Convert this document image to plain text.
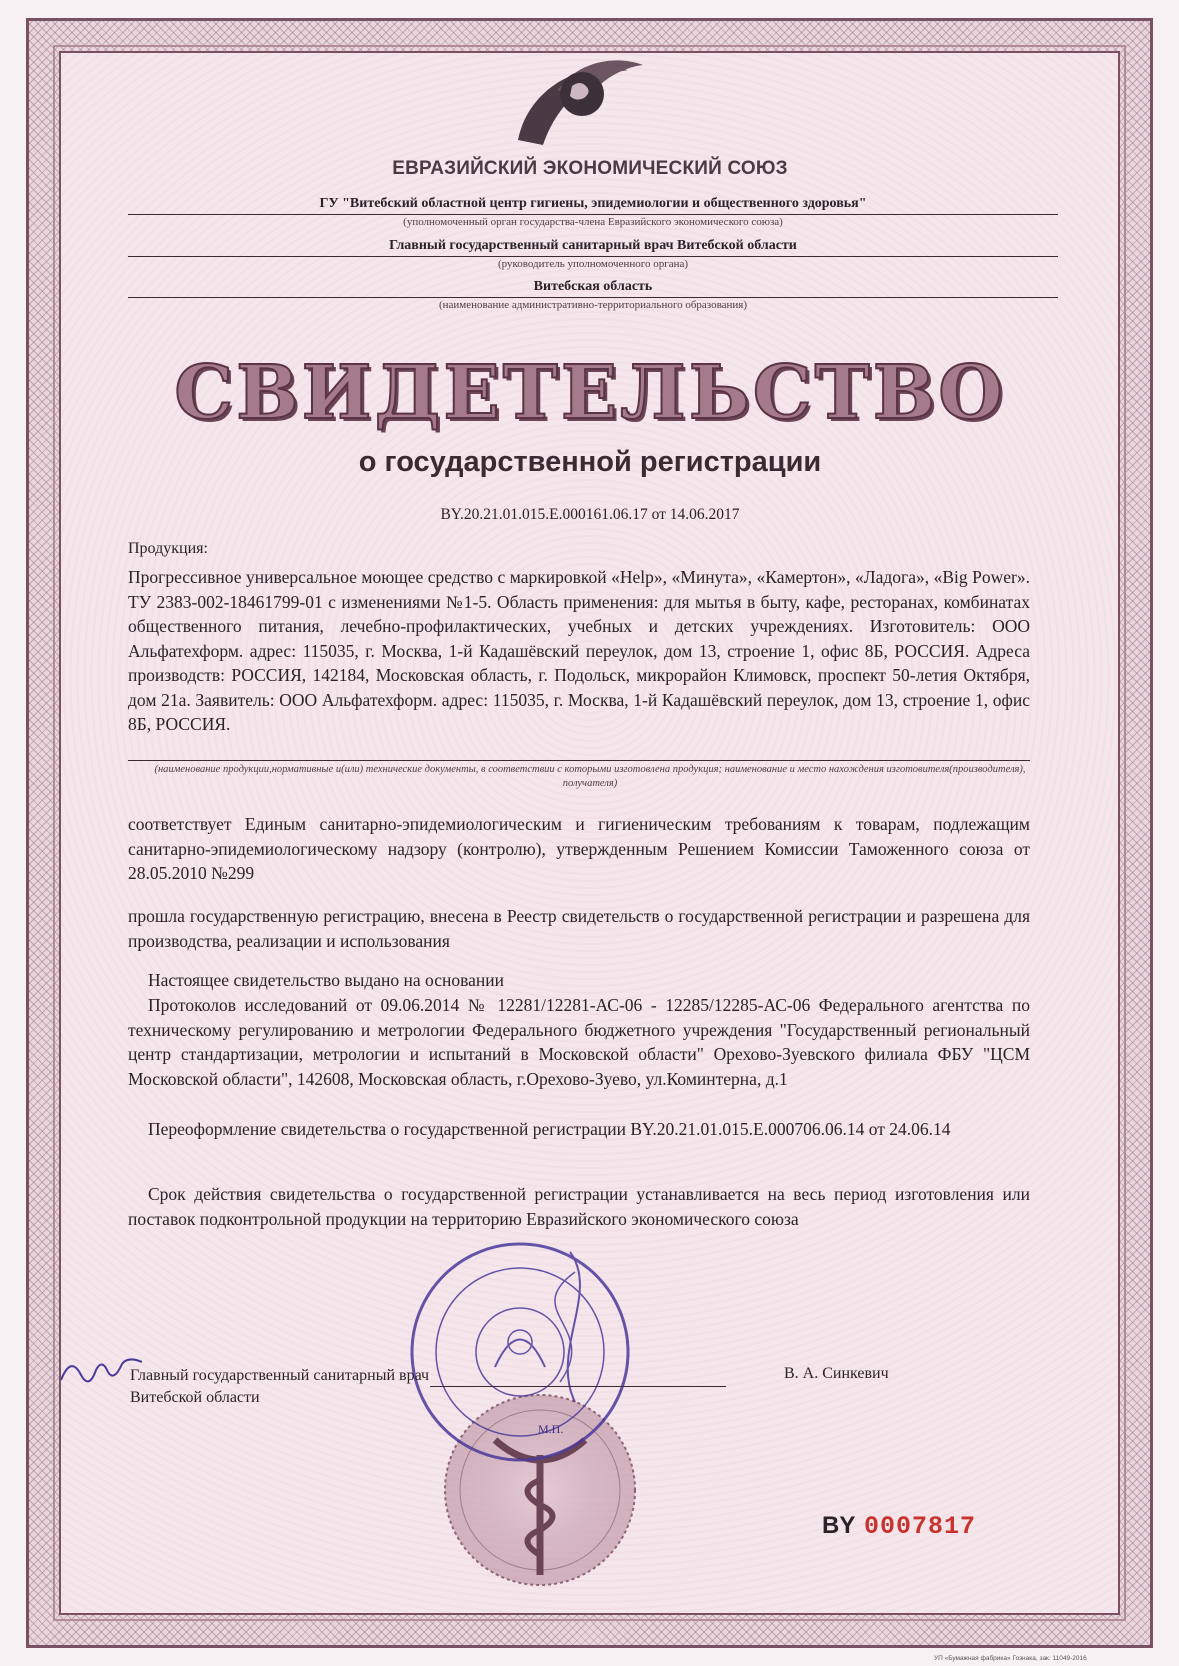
ЕВРАЗИЙСКИЙ ЭКОНОМИЧЕСКИЙ СОЮЗ
ГУ "Витебский областной центр гигиены, эпидемиологии и общественного здоровья"
(уполномоченный орган государства-члена Евразийского экономического союза)
Главный государственный санитарный врач Витебской области
(руководитель уполномоченного органа)
Витебская область
(наименование административно-территориального образования)
СВИДЕТЕЛЬСТВО
о государственной регистрации
BY.20.21.01.015.E.000161.06.17 от 14.06.2017
Продукция:
Прогрессивное универсальное моющее средство с маркировкой «Help», «Минута», «Камертон», «Ладога», «Big Power». ТУ 2383-002-18461799-01 с изменениями №1-5. Область применения: для мытья в быту, кафе, ресторанах, комбинатах общественного питания, лечебно-профилактических, учебных и детских учреждениях. Изготовитель: ООО Альфатехформ. адрес: 115035, г. Москва, 1-й Кадашёвский переулок, дом 13, строение 1, офис 8Б, РОССИЯ. Адреса производств: РОССИЯ, 142184, Московская область, г. Подольск, микрорайон Климовск, проспект 50-летия Октября, дом 21а. Заявитель: ООО Альфатехформ. адрес: 115035, г. Москва, 1-й Кадашёвский переулок, дом 13, строение 1, офис 8Б, РОССИЯ.
(наименование продукции,нормативные и(или) технические документы, в соответствии с которыми изготовлена продукция; наименование и место нахождения изготовителя(производителя), получателя)
соответствует Единым санитарно-эпидемиологическим и гигиеническим требованиям к товарам, подлежащим санитарно-эпидемиологическому надзору (контролю), утвержденным Решением Комиссии Таможенного союза от 28.05.2010 №299
прошла государственную регистрацию, внесена в Реестр свидетельств о государственной регистрации и разрешена для производства, реализации и использования
Настоящее свидетельство выдано на основании
Протоколов исследований от 09.06.2014 № 12281/12281-АС-06 - 12285/12285-АС-06 Федерального агентства по техническому регулированию и метрологии Федерального бюджетного учреждения "Государственный региональный центр стандартизации, метрологии и испытаний в Московской области" Орехово-Зуевского филиала ФБУ "ЦСМ Московской области", 142608, Московская область, г.Орехово-Зуево, ул.Коминтерна, д.1
Переоформление свидетельства о государственной регистрации BY.20.21.01.015.E.000706.06.14 от 24.06.14
Срок действия свидетельства о государственной регистрации устанавливается на весь период изготовления или поставок подконтрольной продукции на территорию Евразийского экономического союза
Главный государственный санитарный врач
Витебской области
В. А. Синкевич
М.П.
BY 0007817
УП «Бумажная фабрика» Гознака, зак. 11049-2016
